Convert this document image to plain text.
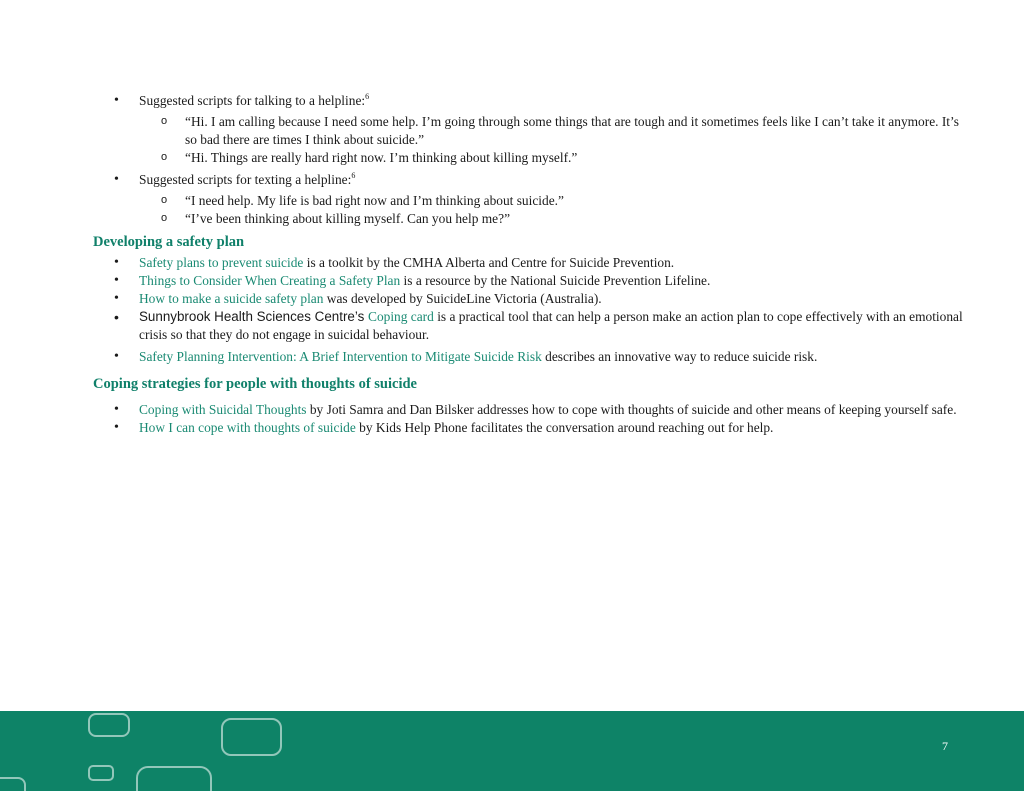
• Suggested scripts for talking to a helpline:$^6$
o “Hi. I am calling because I need some help. I’m going through some things that are tough and it sometimes feels like I can’t take it anymore. It’s so bad there are times I think about suicide.”
o “Hi. Things are really hard right now. I’m thinking about killing myself.”
• Suggested scripts for texting a helpline:$^6$
o “I need help. My life is bad right now and I’m thinking about suicide.”
o “I’ve been thinking about killing myself. Can you help me?”
Developing a safety plan
• Safety plans to prevent suicide is a toolkit by the CMHA Alberta and Centre for Suicide Prevention.
• Things to Consider When Creating a Safety Plan is a resource by the National Suicide Prevention Lifeline.
• How to make a suicide safety plan was developed by SuicideLine Victoria (Australia).
• Sunnybrook Health Sciences Centre’s Coping card is a practical tool that can help a person make an action plan to cope effectively with an emotional crisis so that they do not engage in suicidal behaviour.
• Safety Planning Intervention: A Brief Intervention to Mitigate Suicide Risk describes an innovative way to reduce suicide risk.
Coping strategies for people with thoughts of suicide
• Coping with Suicidal Thoughts by Joti Samra and Dan Bilsker addresses how to cope with thoughts of suicide and other means of keeping yourself safe.
• How I can cope with thoughts of suicide by Kids Help Phone facilitates the conversation around reaching out for help.
7
